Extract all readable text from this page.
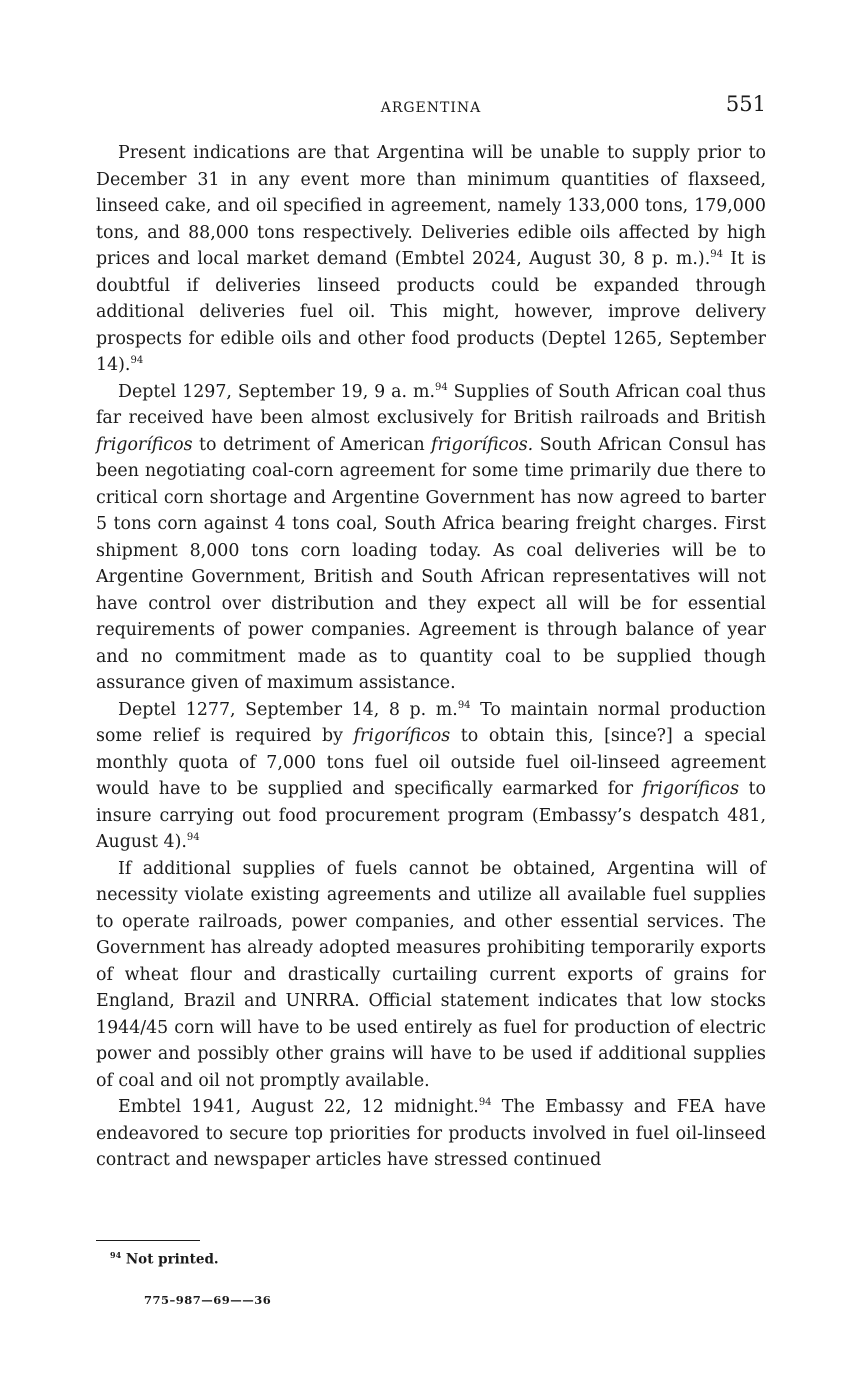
ARGENTINA	551

Present indications are that Argentina will be unable to supply prior to December 31 in any event more than minimum quantities of flaxseed, linseed cake, and oil specified in agreement, namely 133,000 tons, 179,000 tons, and 88,000 tons respectively. Deliveries edible oils affected by high prices and local market demand (Embtel 2024, August 30, 8 p. m.).$^{94}$ It is doubtful if deliveries linseed products could be expanded through additional deliveries fuel oil. This might, however, improve delivery prospects for edible oils and other food products (Deptel 1265, September 14).$^{94}$

Deptel 1297, September 19, 9 a. m.$^{94}$ Supplies of South African coal thus far received have been almost exclusively for British railroads and British frigoríficos to detriment of American frigoríficos. South African Consul has been negotiating coal-corn agreement for some time primarily due there to critical corn shortage and Argentine Government has now agreed to barter 5 tons corn against 4 tons coal, South Africa bearing freight charges. First shipment 8,000 tons corn loading today. As coal deliveries will be to Argentine Government, British and South African representatives will not have control over distribution and they expect all will be for essential requirements of power companies. Agreement is through balance of year and no commitment made as to quantity coal to be supplied though assurance given of maximum assistance.

Deptel 1277, September 14, 8 p. m.$^{94}$ To maintain normal production some relief is required by frigoríficos to obtain this, [since?] a special monthly quota of 7,000 tons fuel oil outside fuel oil-linseed agreement would have to be supplied and specifically earmarked for frigoríficos to insure carrying out food procurement program (Embassy’s despatch 481, August 4).$^{94}$

If additional supplies of fuels cannot be obtained, Argentina will of necessity violate existing agreements and utilize all available fuel supplies to operate railroads, power companies, and other essential services. The Government has already adopted measures prohibiting temporarily exports of wheat flour and drastically curtailing current exports of grains for England, Brazil and UNRRA. Official statement indicates that low stocks 1944/45 corn will have to be used entirely as fuel for production of electric power and possibly other grains will have to be used if additional supplies of coal and oil not promptly available.

Embtel 1941, August 22, 12 midnight.$^{94}$ The Embassy and FEA have endeavored to secure top priorities for products involved in fuel oil-linseed contract and newspaper articles have stressed continued

$^{94}$ Not printed.
775–987—69——36
